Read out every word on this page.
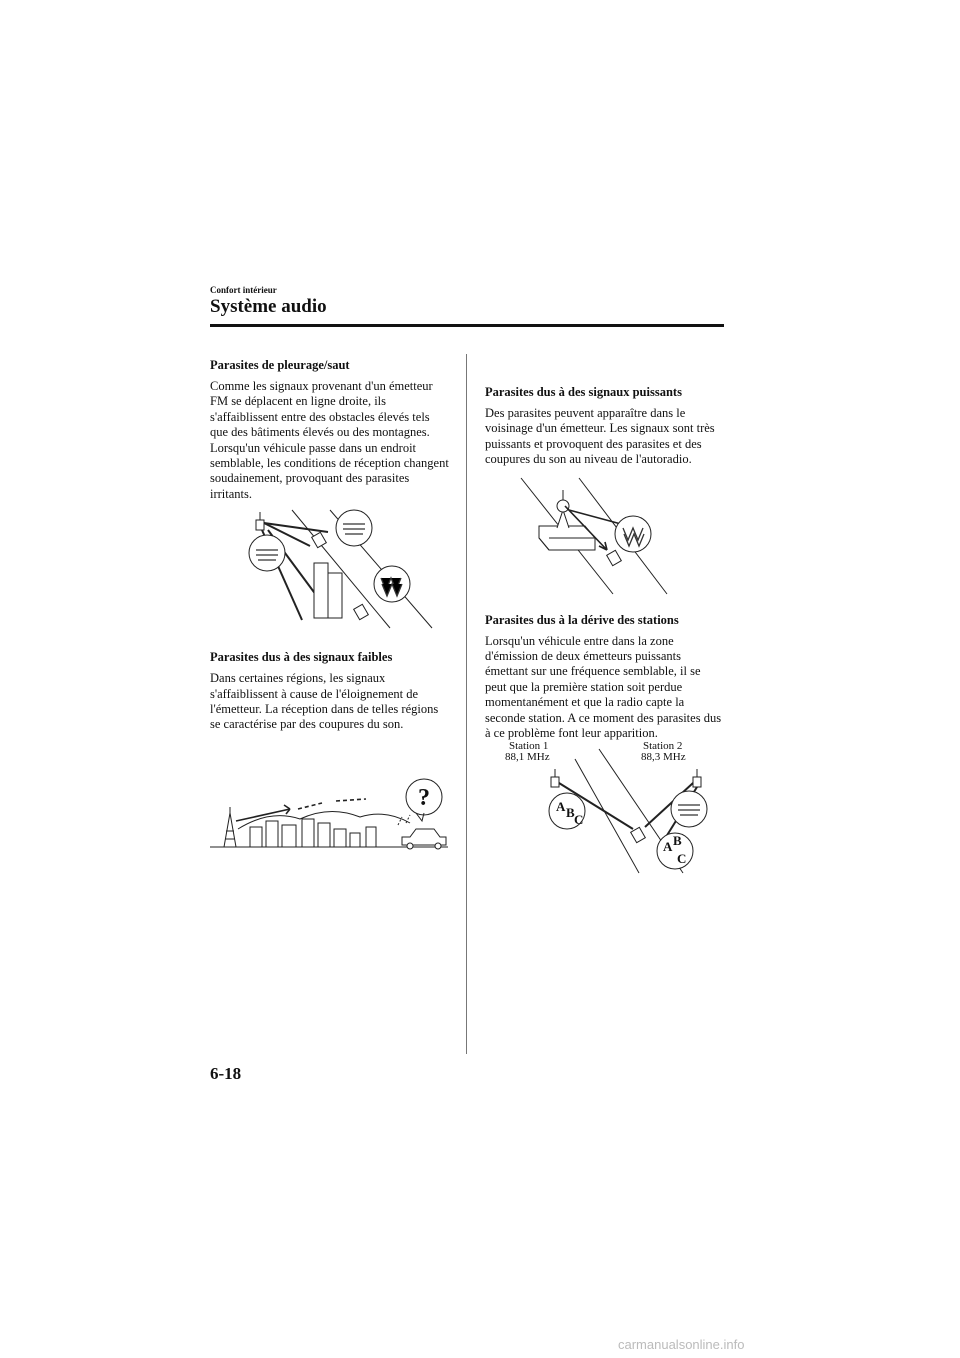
Confort intérieur
Système audio
Parasites de pleurage/saut

Comme les signaux provenant d'un émetteur FM se déplacent en ligne droite, ils s'affaiblissent entre des obstacles élevés tels que des bâtiments élevés ou des montagnes. Lorsqu'un véhicule passe dans un endroit semblable, les conditions de réception changent soudainement, provoquant des parasites irritants.

Parasites dus à des signaux faibles

Dans certaines régions, les signaux s'affaiblissent à cause de l'éloignement de l'émetteur. La réception dans de telles régions se caractérise par des coupures du son.

?
Parasites dus à des signaux puissants

Des parasites peuvent apparaître dans le voisinage d'un émetteur. Les signaux sont très puissants et provoquent des parasites et des coupures du son au niveau de l'autoradio.

Parasites dus à la dérive des stations

Lorsqu'un véhicule entre dans la zone d'émission de deux émetteurs puissants émettant sur une fréquence semblable, il se peut que la première station soit perdue momentanément et que la radio capte la seconde station. A ce moment des parasites dus à ce problème font leur apparition.

Station 1
88,1 MHz
Station 2
88,3 MHz
A B C
A B
C
6-18
carmanualsonline.info
